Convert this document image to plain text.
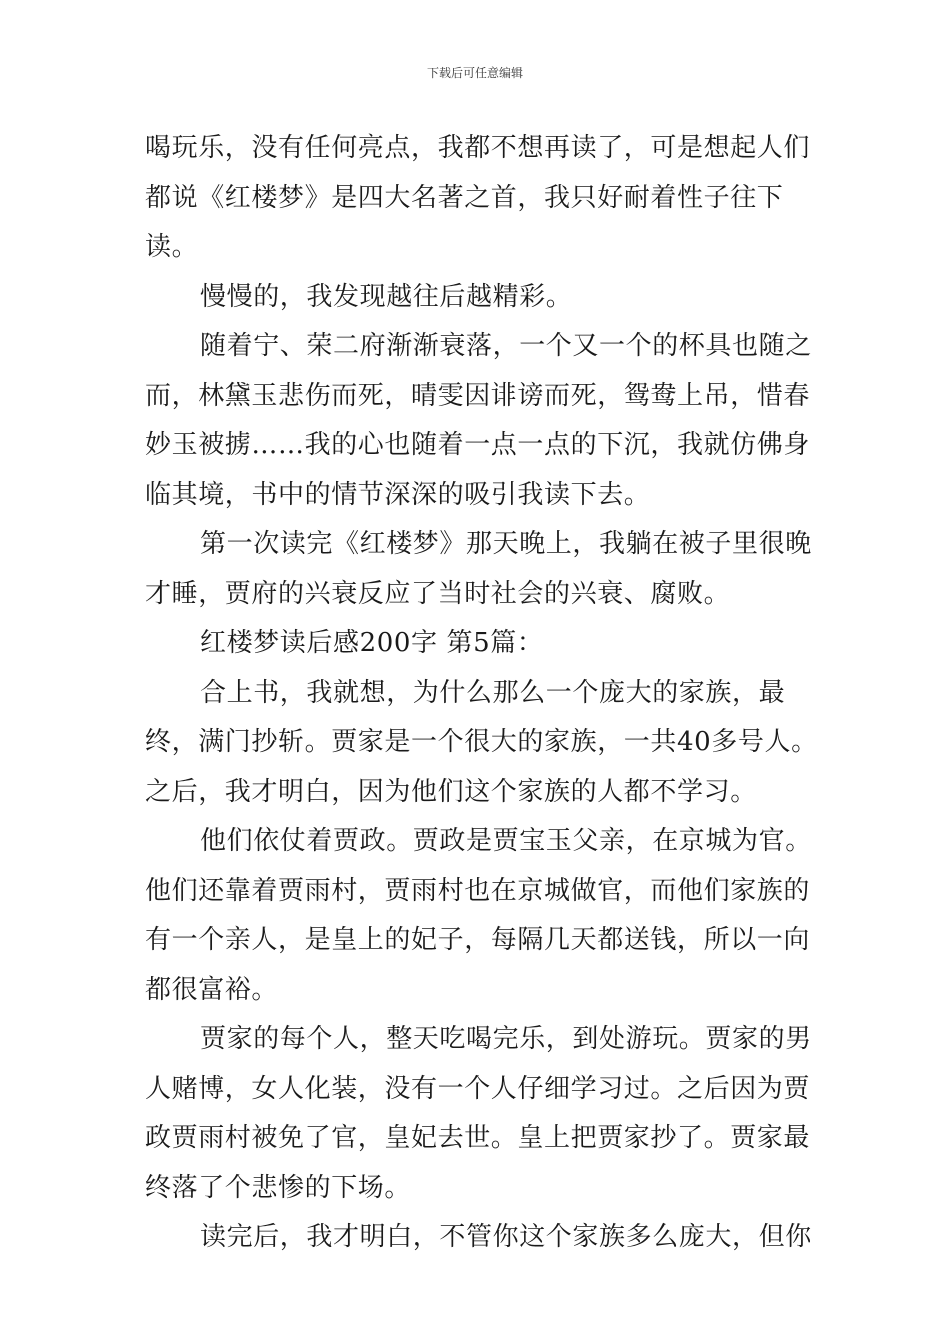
下载后可任意编辑

喝玩乐，没有任何亮点，我都不想再读了，可是想起人们都说《红楼梦》是四大名著之首，我只好耐着性子往下读。

慢慢的，我发现越往后越精彩。

随着宁、荣二府渐渐衰落，一个又一个的杯具也随之而，林黛玉悲伤而死，晴雯因诽谤而死，鸳鸯上吊，惜春妙玉被掳……我的心也随着一点一点的下沉，我就仿佛身临其境，书中的情节深深的吸引我读下去。

第一次读完《红楼梦》那天晚上，我躺在被子里很晚才睡，贾府的兴衰反应了当时社会的兴衰、腐败。

红楼梦读后感200字 第5篇：

合上书，我就想，为什么那么一个庞大的家族，最终，满门抄斩。贾家是一个很大的家族，一共40多号人。之后，我才明白，因为他们这个家族的人都不学习。

他们依仗着贾政。贾政是贾宝玉父亲，在京城为官。他们还靠着贾雨村，贾雨村也在京城做官，而他们家族的有一个亲人，是皇上的妃子，每隔几天都送钱，所以一向都很富裕。

贾家的每个人，整天吃喝完乐，到处游玩。贾家的男人赌博，女人化装，没有一个人仔细学习过。之后因为贾政贾雨村被免了官，皇妃去世。皇上把贾家抄了。贾家最终落了个悲惨的下场。

读完后，我才明白，不管你这个家族多么庞大，但你
